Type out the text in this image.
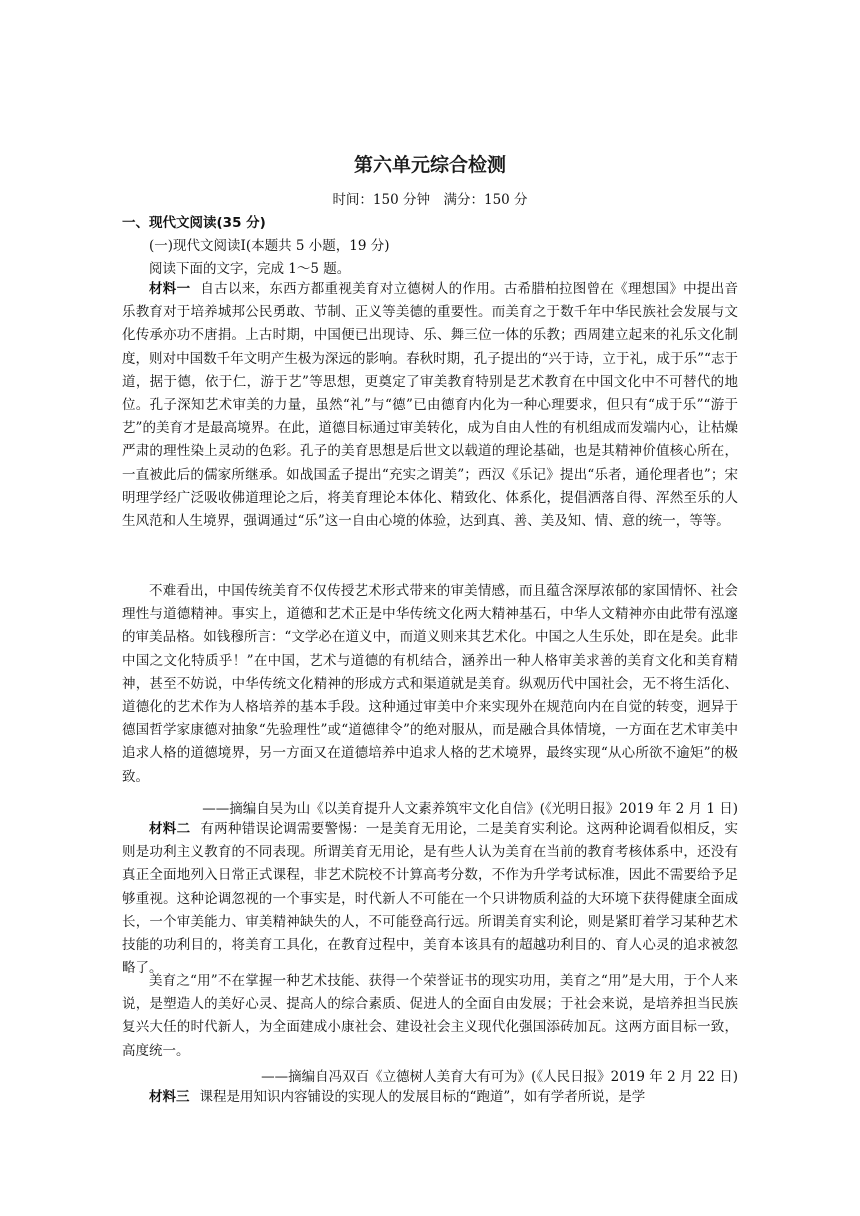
第六单元综合检测
时间：150 分钟　满分：150 分
一、现代文阅读(35 分)
(一)现代文阅读Ⅰ(本题共 5 小题，19 分)
阅读下面的文字，完成 1～5 题。

材料一 自古以来，东西方都重视美育对立德树人的作用。古希腊柏拉图曾在《理想国》中提出音乐教育对于培养城邦公民勇敢、节制、正义等美德的重要性。而美育之于数千年中华民族社会发展与文化传承亦功不唐捐。上古时期，中国便已出现诗、乐、舞三位一体的乐教；西周建立起来的礼乐文化制度，则对中国数千年文明产生极为深远的影响。春秋时期，孔子提出的“兴于诗，立于礼，成于乐”“志于道，据于德，依于仁，游于艺”等思想，更奠定了审美教育特别是艺术教育在中国文化中不可替代的地位。孔子深知艺术审美的力量，虽然“礼”与“德”已由德育内化为一种心理要求，但只有“成于乐”“游于艺”的美育才是最高境界。在此，道德目标通过审美转化，成为自由人性的有机组成而发端内心，让枯燥严肃的理性染上灵动的色彩。孔子的美育思想是后世文以载道的理论基础，也是其精神价值核心所在，一直被此后的儒家所继承。如战国孟子提出“充实之谓美”；西汉《乐记》提出“乐者，通伦理者也”；宋明理学经广泛吸收佛道理论之后，将美育理论本体化、精致化、体系化，提倡洒落自得、浑然至乐的人生风范和人生境界，强调通过“乐”这一自由心境的体验，达到真、善、美及知、情、意的统一，等等。

不难看出，中国传统美育不仅传授艺术形式带来的审美情感，而且蕴含深厚浓郁的家国情怀、社会理性与道德精神。事实上，道德和艺术正是中华传统文化两大精神基石，中华人文精神亦由此带有泓邃的审美品格。如钱穆所言：“文学必在道义中，而道义则来其艺术化。中国之人生乐处，即在是矣。此非中国之文化特质乎！”在中国，艺术与道德的有机结合，涵养出一种人格审美求善的美育文化和美育精神，甚至不妨说，中华传统文化精神的形成方式和渠道就是美育。纵观历代中国社会，无不将生活化、道德化的艺术作为人格培养的基本手段。这种通过审美中介来实现外在规范向内在自觉的转变，迥异于德国哲学家康德对抽象“先验理性”或“道德律令”的绝对服从，而是融合具体情境，一方面在艺术审美中追求人格的道德境界，另一方面又在道德培养中追求人格的艺术境界，最终实现“从心所欲不逾矩”的极致。

——摘编自吴为山《以美育提升人文素养筑牢文化自信》(《光明日报》2019 年 2 月 1 日)

材料二 有两种错误论调需要警惕：一是美育无用论，二是美育实利论。这两种论调看似相反，实则是功利主义教育的不同表现。所谓美育无用论，是有些人认为美育在当前的教育考核体系中，还没有真正全面地列入日常正式课程，非艺术院校不计算高考分数，不作为升学考试标准，因此不需要给予足够重视。这种论调忽视的一个事实是，时代新人不可能在一个只讲物质利益的大环境下获得健康全面成长，一个审美能力、审美精神缺失的人，不可能登高行远。所谓美育实利论，则是紧盯着学习某种艺术技能的功利目的，将美育工具化，在教育过程中，美育本该具有的超越功利目的、育人心灵的追求被忽略了。

美育之“用”不在掌握一种艺术技能、获得一个荣誉证书的现实功用，美育之“用”是大用，于个人来说，是塑造人的美好心灵、提高人的综合素质、促进人的全面自由发展；于社会来说，是培养担当民族复兴大任的时代新人，为全面建成小康社会、建设社会主义现代化强国添砖加瓦。这两方面目标一致，高度统一。

——摘编自冯双百《立德树人美育大有可为》(《人民日报》2019 年 2 月 22 日)

材料三 课程是用知识内容铺设的实现人的发展目标的“跑道”，如有学者所说，是学
